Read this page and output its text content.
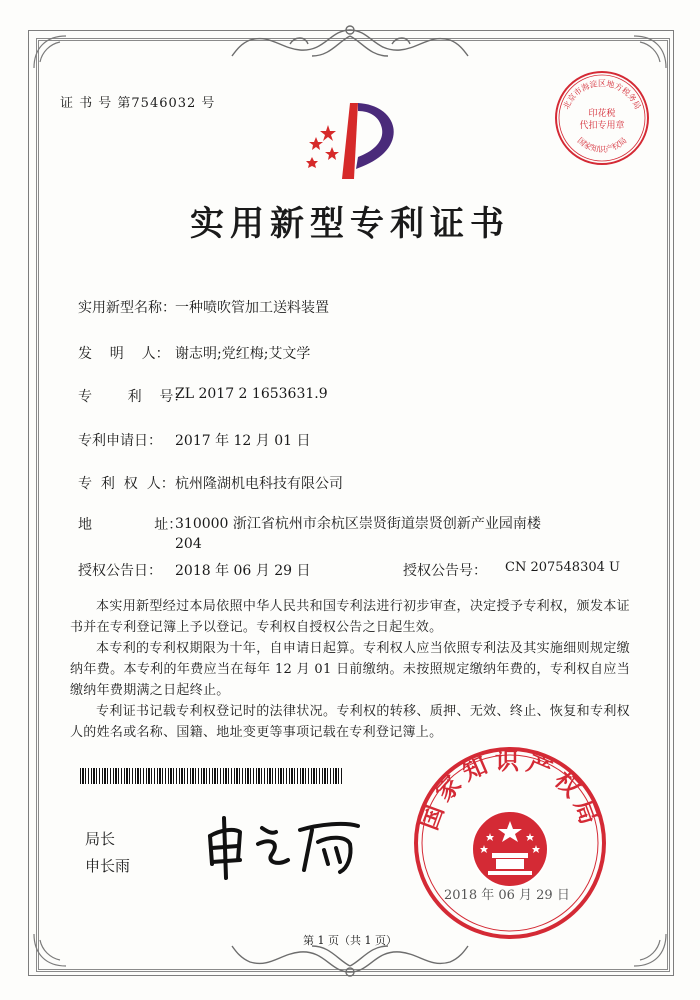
证 书 号 第7546032 号	北京市海淀区地方税务局
印花税
代扣专用章
国家知识产权局
实用新型专利证书
实用新型名称： 一种喷吹管加工送料装置
发    明    人： 谢志明;党红梅;艾文学
专        利    号：
ZL 2017 2 1653631.9
专利申请日： 2017 年 12 月 01 日
专  利  权  人： 杭州隆湖机电科技有限公司
地              址：
310000 浙江省杭州市余杭区崇贤街道崇贤创新产业园南楼 204
授权公告日： 2018 年 06 月 29 日	授权公告号： CN 207548304 U

本实用新型经过本局依照中华人民共和国专利法进行初步审查，决定授予专利权，颁发本证书并在专利登记簿上予以登记。专利权自授权公告之日起生效。

本专利的专利权期限为十年，自申请日起算。专利权人应当依照专利法及其实施细则规定缴纳年费。本专利的年费应当在每年 12 月 01 日前缴纳。未按照规定缴纳年费的，专利权自应当缴纳年费期满之日起终止。

专利证书记载专利权登记时的法律状况。专利权的转移、质押、无效、终止、恢复和专利权人的姓名或名称、国籍、地址变更等事项记载在专利登记簿上。

局长
申长雨
国家知识产权局
2018 年 06 月 29 日
第 1 页（共 1 页）
